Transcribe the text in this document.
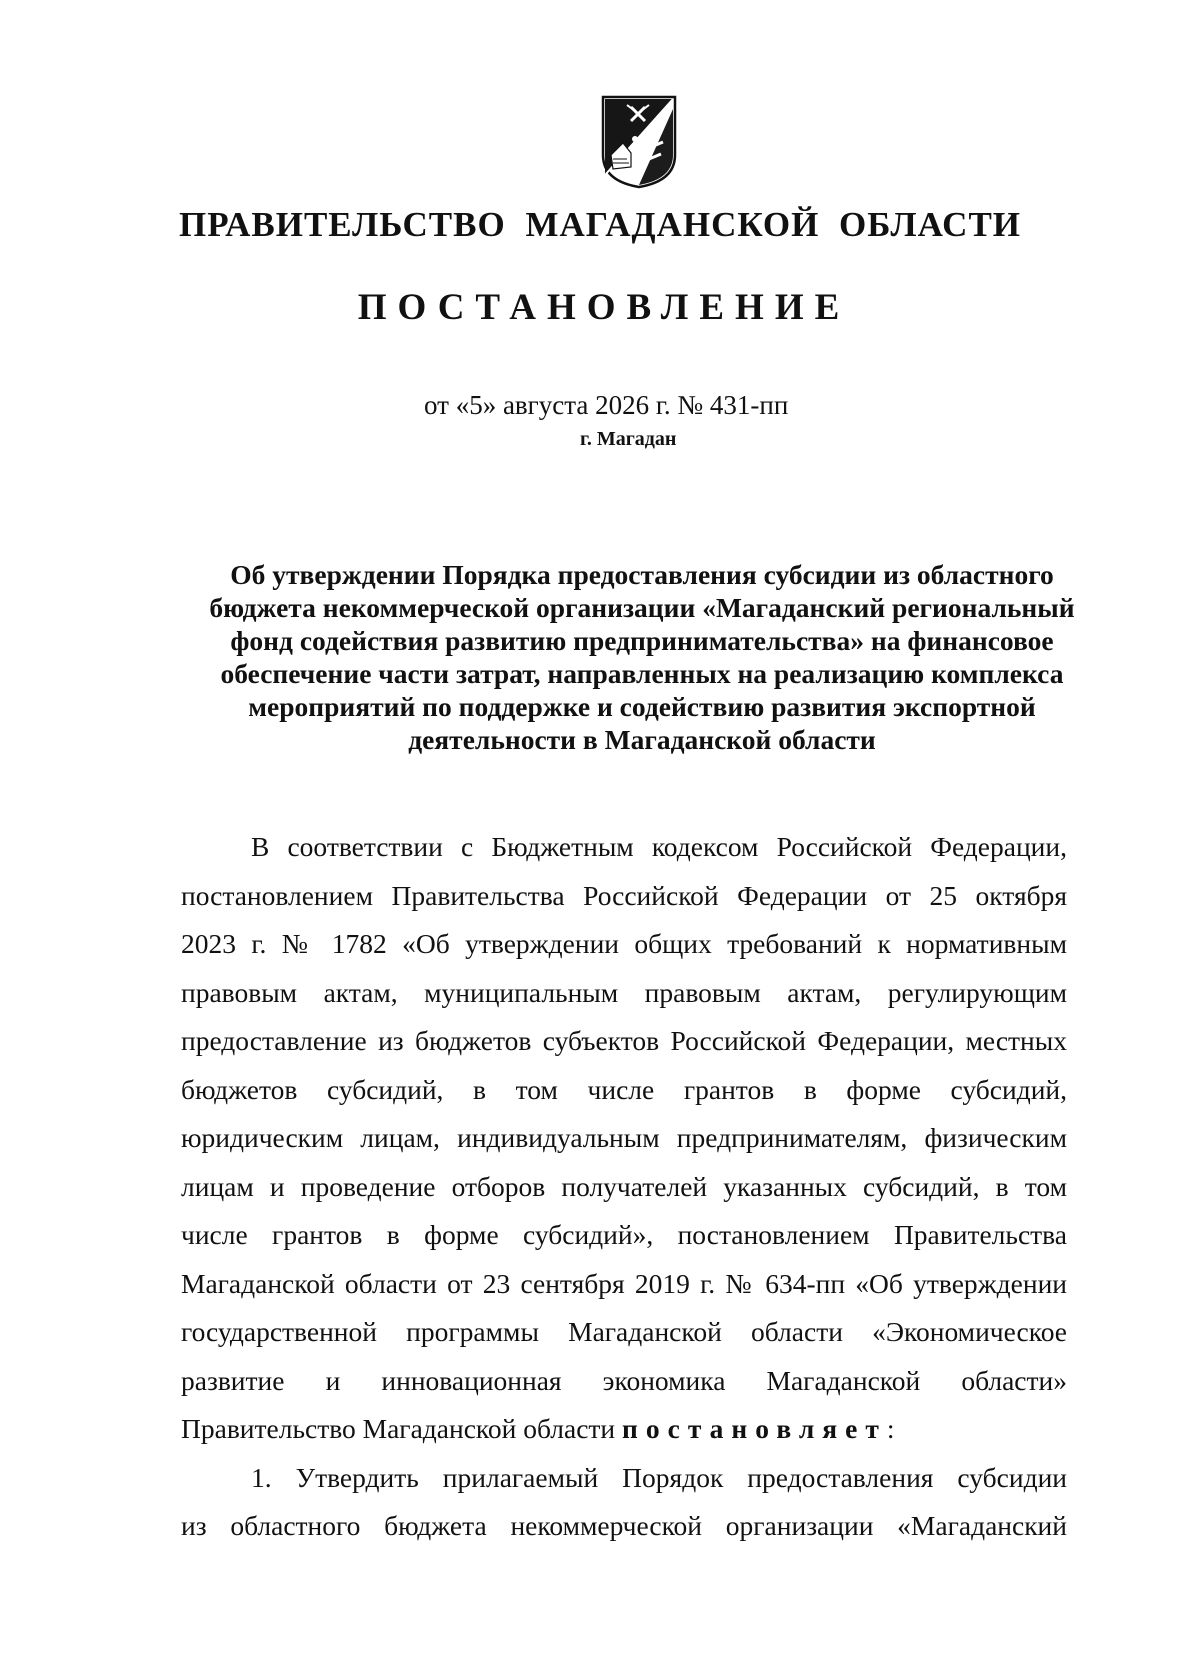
ПРАВИТЕЛЬСТВО МАГАДАНСКОЙ ОБЛАСТИ
ПОСТАНОВЛЕНИЕ
от «5» августа 2026 г. № 431-пп
г. Магадан
Об утверждении Порядка предоставления субсидии из областного
бюджета некоммерческой организации «Магаданский региональный
фонд содействия развитию предпринимательства» на финансовое
обеспечение части затрат, направленных на реализацию комплекса
мероприятий по поддержке и содействию развития экспортной
деятельности в Магаданской области
В соответствии с Бюджетным кодексом Российской Федерации,
постановлением Правительства Российской Федерации от 25 октября
2023 г. № 1782 «Об утверждении общих требований к нормативным
правовым актам, муниципальным правовым актам, регулирующим
предоставление из бюджетов субъектов Российской Федерации, местных
бюджетов субсидий, в том числе грантов в форме субсидий,
юридическим лицам, индивидуальным предпринимателям, физическим
лицам и проведение отборов получателей указанных субсидий, в том
числе грантов в форме субсидий», постановлением Правительства
Магаданской области от 23 сентября 2019 г. № 634-пп «Об утверждении
государственной программы Магаданской области «Экономическое
развитие и инновационная экономика Магаданской области»
Правительство Магаданской области постановляет:
1. Утвердить прилагаемый Порядок предоставления субсидии
из областного бюджета некоммерческой организации «Магаданский
